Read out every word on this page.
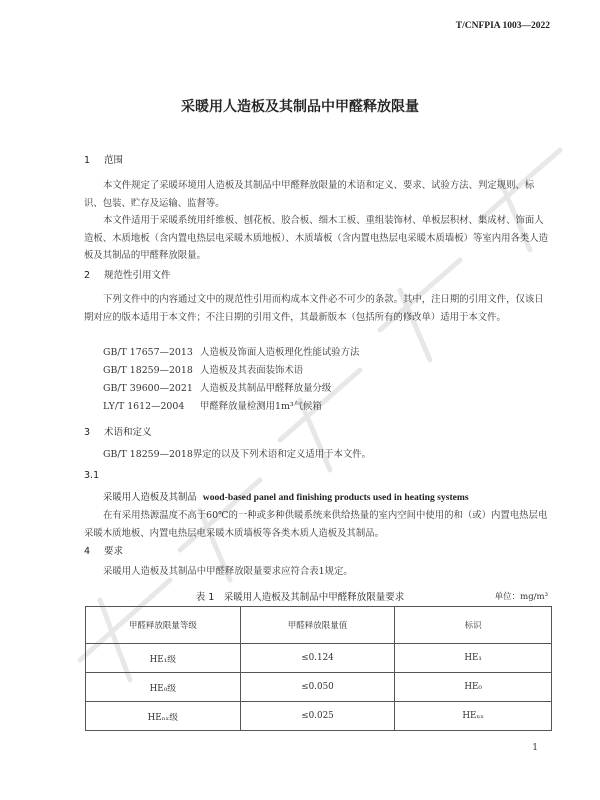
T/CNFPIA 1003—2022
采暖用人造板及其制品中甲醛释放限量
1 范围
本文件规定了采暖环境用人造板及其制品中甲醛释放限量的术语和定义、要求、试验方法、判定规则、标识、包装、贮存及运输、监督等。
本文件适用于采暖系统用纤维板、刨花板、胶合板、细木工板、重组装饰材、单板层积材、集成材、饰面人造板、木质地板（含内置电热层电采暖木质地板）、木质墙板（含内置电热层电采暖木质墙板）等室内用各类人造板及其制品的甲醛释放限量。
2 规范性引用文件
下列文件中的内容通过文中的规范性引用而构成本文件必不可少的条款。其中，注日期的引用文件，仅该日期对应的版本适用于本文件；不注日期的引用文件，其最新版本（包括所有的修改单）适用于本文件。
GB/T 17657—2013 人造板及饰面人造板理化性能试验方法
GB/T 18259—2018 人造板及其表面装饰术语
GB/T 39600—2021 人造板及其制品甲醛释放量分级
LY/T 1612—2004 甲醛释放量检测用1m³气候箱
3 术语和定义
GB/T 18259—2018界定的以及下列术语和定义适用于本文件。
3.1
采暖用人造板及其制品 wood-based panel and finishing products used in heating systems
在有采用热源温度不高于60℃的一种或多种供暖系统来供给热量的室内空间中使用的和（或）内置电热层电采暖木质地板、内置电热层电采暖木质墙板等各类木质人造板及其制品。
4 要求
采暖用人造板及其制品中甲醛释放限量要求应符合表1规定。
表 1　采暖用人造板及其制品中甲醛释放限量要求	单位：mg/m³
甲醛释放限量等级	甲醛释放限量值	标识
HE₁级	≤0.124	HE₁
HE₀级	≤0.050	HE₀
HEₙₓ级	≤0.025	HEₙₓ
1
